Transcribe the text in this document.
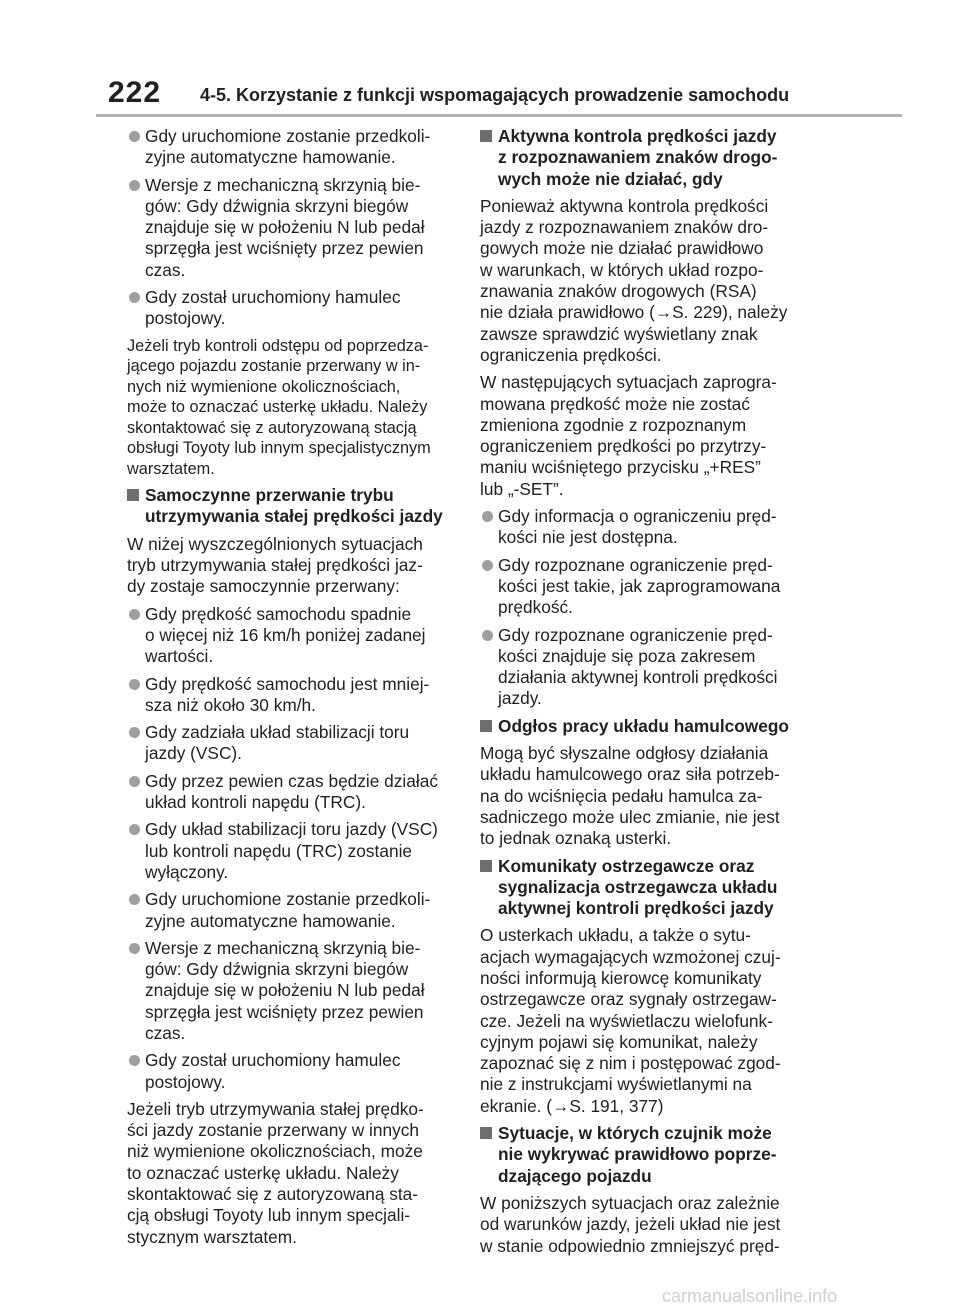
222 4-5. Korzystanie z funkcji wspomagających prowadzenie samochodu
Gdy uruchomione zostanie przedkoli-
zyjne automatyczne hamowanie.
Wersje z mechaniczną skrzynią bie-
gów: Gdy dźwignia skrzyni biegów
znajduje się w położeniu N lub pedał
sprzęgła jest wciśnięty przez pewien
czas.
Gdy został uruchomiony hamulec
postojowy.
Jeżeli tryb kontroli odstępu od poprzedza-
jącego pojazdu zostanie przerwany w in-
nych niż wymienione okolicznościach,
może to oznaczać usterkę układu. Należy
skontaktować się z autoryzowaną stacją
obsługi Toyoty lub innym specjalistycznym
warsztatem.
Samoczynne przerwanie trybu
utrzymywania stałej prędkości jazdy
W niżej wyszczególnionych sytuacjach
tryb utrzymywania stałej prędkości jaz-
dy zostaje samoczynnie przerwany:
Gdy prędkość samochodu spadnie
o więcej niż 16 km/h poniżej zadanej
wartości.
Gdy prędkość samochodu jest mniej-
sza niż około 30 km/h.
Gdy zadziała układ stabilizacji toru
jazdy (VSC).
Gdy przez pewien czas będzie działać
układ kontroli napędu (TRC).
Gdy układ stabilizacji toru jazdy (VSC)
lub kontroli napędu (TRC) zostanie
wyłączony.
Gdy uruchomione zostanie przedkoli-
zyjne automatyczne hamowanie.
Wersje z mechaniczną skrzynią bie-
gów: Gdy dźwignia skrzyni biegów
znajduje się w położeniu N lub pedał
sprzęgła jest wciśnięty przez pewien
czas.
Gdy został uruchomiony hamulec
postojowy.
Jeżeli tryb utrzymywania stałej prędko-
ści jazdy zostanie przerwany w innych
niż wymienione okolicznościach, może
to oznaczać usterkę układu. Należy
skontaktować się z autoryzowaną sta-
cją obsługi Toyoty lub innym specjali-
stycznym warsztatem.
Aktywna kontrola prędkości jazdy
z rozpoznawaniem znaków drogo-
wych może nie działać, gdy
Ponieważ aktywna kontrola prędkości
jazdy z rozpoznawaniem znaków dro-
gowych może nie działać prawidłowo
w warunkach, w których układ rozpo-
znawania znaków drogowych (RSA)
nie działa prawidłowo (→S. 229), należy
zawsze sprawdzić wyświetlany znak
ograniczenia prędkości.
W następujących sytuacjach zaprogra-
mowana prędkość może nie zostać
zmieniona zgodnie z rozpoznanym
ograniczeniem prędkości po przytrzy-
maniu wciśniętego przycisku „+RES”
lub „-SET”.
Gdy informacja o ograniczeniu pręd-
kości nie jest dostępna.
Gdy rozpoznane ograniczenie pręd-
kości jest takie, jak zaprogramowana
prędkość.
Gdy rozpoznane ograniczenie pręd-
kości znajduje się poza zakresem
działania aktywnej kontroli prędkości
jazdy.
Odgłos pracy układu hamulcowego
Mogą być słyszalne odgłosy działania
układu hamulcowego oraz siła potrzeb-
na do wciśnięcia pedału hamulca za-
sadniczego może ulec zmianie, nie jest
to jednak oznaką usterki.
Komunikaty ostrzegawcze oraz
sygnalizacja ostrzegawcza układu
aktywnej kontroli prędkości jazdy
O usterkach układu, a także o sytu-
acjach wymagających wzmożonej czuj-
ności informują kierowcę komunikaty
ostrzegawcze oraz sygnały ostrzegaw-
cze. Jeżeli na wyświetlaczu wielofunk-
cyjnym pojawi się komunikat, należy
zapoznać się z nim i postępować zgod-
nie z instrukcjami wyświetlanymi na
ekranie. (→S. 191, 377)
Sytuacje, w których czujnik może
nie wykrywać prawidłowo poprze-
dzającego pojazdu
W poniższych sytuacjach oraz zależnie
od warunków jazdy, jeżeli układ nie jest
w stanie odpowiednio zmniejszyć pręd-
carmanualsonline.info
